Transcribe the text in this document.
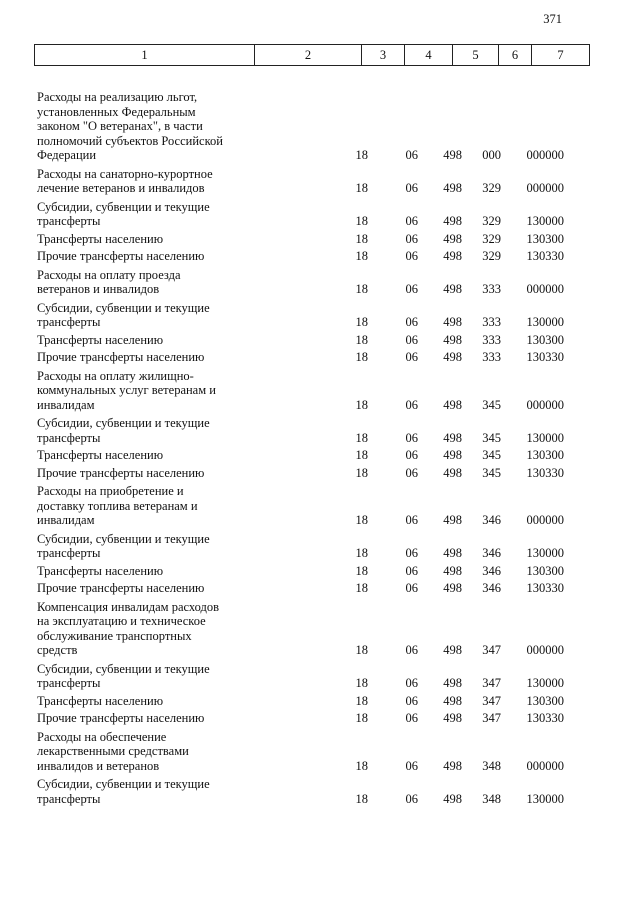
371
1	2	3	4	5	6	7
Расходы на реализацию льгот,
установленных Федеральным
законом "О ветеранах", в части
полномочий субъектов Российской
Федерации	18	06	498	000	000000
Расходы на санаторно-курортное
лечение ветеранов и инвалидов	18	06	498	329	000000
Субсидии, субвенции и текущие
трансферты	18	06	498	329	130000
Трансферты населению	18	06	498	329	130300
Прочие трансферты населению	18	06	498	329	130330
Расходы на оплату проезда
ветеранов и инвалидов	18	06	498	333	000000
Субсидии, субвенции и текущие
трансферты	18	06	498	333	130000
Трансферты населению	18	06	498	333	130300
Прочие трансферты населению	18	06	498	333	130330
Расходы на оплату жилищно-
коммунальных услуг ветеранам и
инвалидам	18	06	498	345	000000
Субсидии, субвенции и текущие
трансферты	18	06	498	345	130000
Трансферты населению	18	06	498	345	130300
Прочие трансферты населению	18	06	498	345	130330
Расходы на приобретение и
доставку топлива ветеранам и
инвалидам	18	06	498	346	000000
Субсидии, субвенции и текущие
трансферты	18	06	498	346	130000
Трансферты населению	18	06	498	346	130300
Прочие трансферты населению	18	06	498	346	130330
Компенсация инвалидам расходов
на эксплуатацию и техническое
обслуживание транспортных
средств	18	06	498	347	000000
Субсидии, субвенции и текущие
трансферты	18	06	498	347	130000
Трансферты населению	18	06	498	347	130300
Прочие трансферты населению	18	06	498	347	130330
Расходы на обеспечение
лекарственными средствами
инвалидов и ветеранов	18	06	498	348	000000
Субсидии, субвенции и текущие
трансферты	18	06	498	348	130000
